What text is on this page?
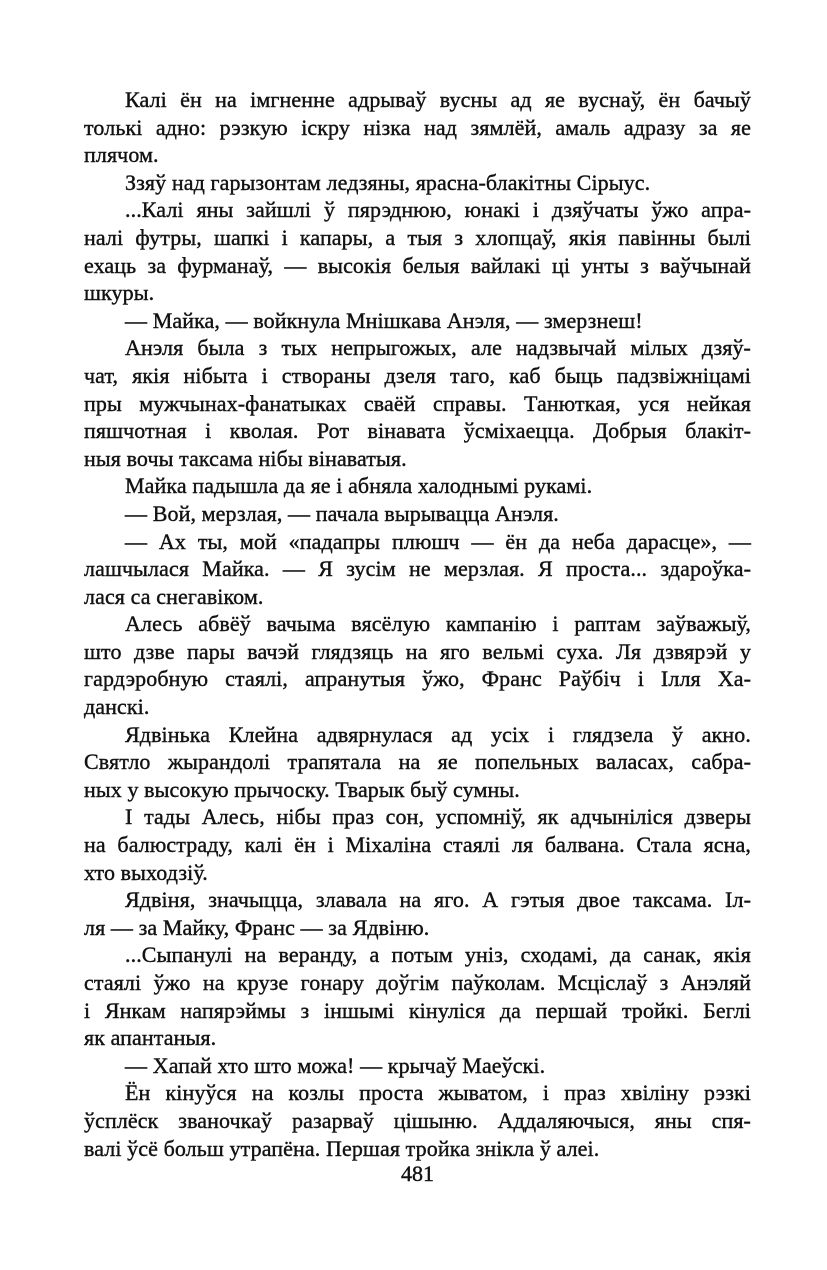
Калі ён на імгненне адрываў вусны ад яе вуснаў, ён бачыў
толькі адно: рэзкую іскру нізка над зямлёй, амаль адразу за яе
плячом.
Ззяў над гарызонтам ледзяны, ярасна-блакітны Сірыус.
...Калі яны зайшлі ў пярэднюю, юнакі і дзяўчаты ўжо апра-
налі футры, шапкі і капары, а тыя з хлопцаў, якія павінны былі
ехаць за фурманаў, — высокія белыя вайлакі ці унты з ваўчынай
шкуры.
— Майка, — войкнула Мнішкава Анэля, — змерзнеш!
Анэля была з тых непрыгожых, але надзвычай мілых дзяў-
чат, якія нібыта і створаны дзеля таго, каб быць падзвіжніцамі
пры мужчынах-фанатыках сваёй справы. Танюткая, уся нейкая
пяшчотная і кволая. Рот вінавата ўсміхаецца. Добрыя блакіт-
ныя вочы таксама нібы вінаватыя.
Майка падышла да яе і абняла халоднымі рукамі.
— Вой, мерзлая, — пачала вырывацца Анэля.
— Ах ты, мой «падапры плюшч — ён да неба дарасце», —
лашчылася Майка. — Я зусім не мерзлая. Я проста... здароўка-
лася са снегавіком.
Алесь абвёў вачыма вясёлую кампанію і раптам заўважыў,
што дзве пары вачэй глядзяць на яго вельмі суха. Ля дзвярэй у
гардэробную стаялі, апранутыя ўжо, Франс Раўбіч і Ілля Ха-
данскі.
Ядвінька Клейна адвярнулася ад усіх і глядзела ў акно.
Святло жырандолі трапятала на яе попельных валасах, сабра-
ных у высокую прычоску. Тварык быў сумны.
І тады Алесь, нібы праз сон, успомніў, як адчыніліся дзверы
на балюстраду, калі ён і Міхаліна стаялі ля балвана. Стала ясна,
хто выходзіў.
Ядвіня, значыцца, злавала на яго. А гэтыя двое таксама. Іл-
ля — за Майку, Франс — за Ядвіню.
...Сыпанулі на веранду, а потым уніз, сходамі, да санак, якія
стаялі ўжо на крузе гонару доўгім паўколам. Мсціслаў з Анэляй
і Янкам напярэймы з іншымі кінуліся да першай тройкі. Беглі
як апантаныя.
— Хапай хто што можа! — крычаў Маеўскі.
Ён кінуўся на козлы проста жыватом, і праз хвіліну рэзкі
ўсплёск званочкаў разарваў цішыню. Аддаляючыся, яны спя-
валі ўсё больш утрапёна. Першая тройка знікла ў алеі.
481
